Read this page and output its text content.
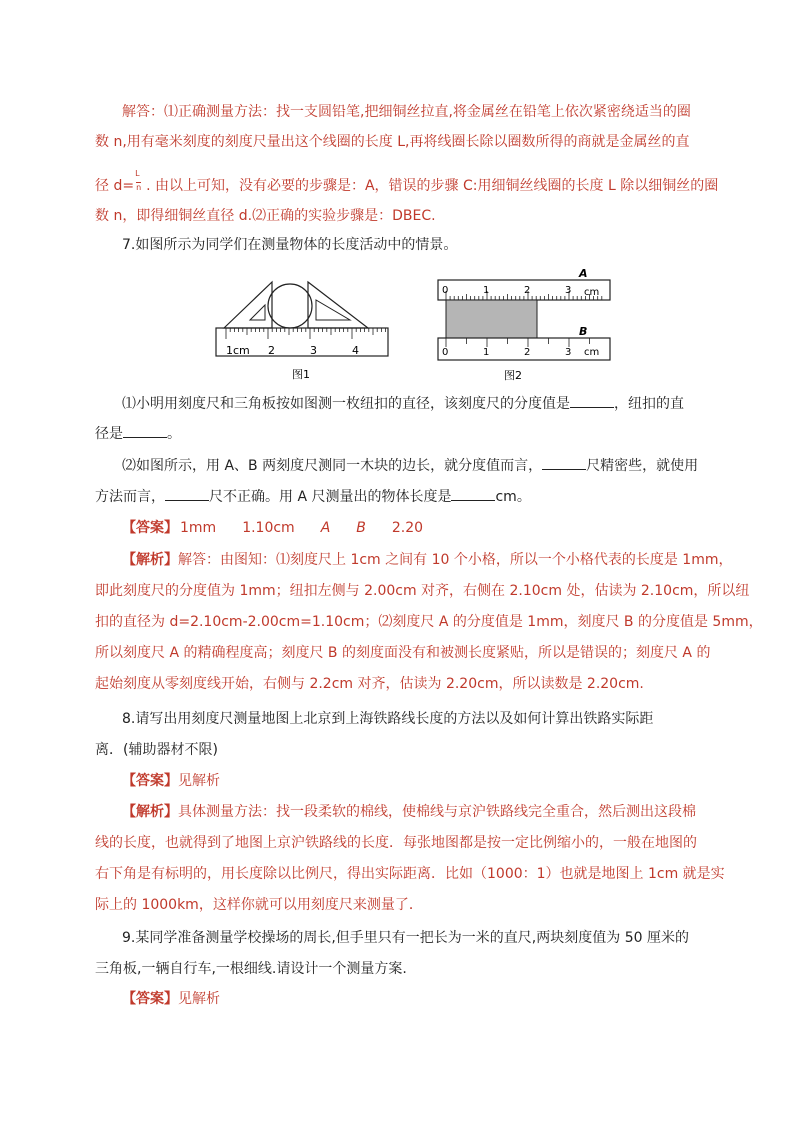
解答：⑴正确测量方法：找一支圆铅笔,把细铜丝拉直,将金属丝在铅笔上依次紧密绕适当的圈
数 n,用有毫米刻度的刻度尺量出这个线圈的长度 L,再将线圈长除以圈数所得的商就是金属丝的直
径 $d= \frac{L}{n}$ . 由以上可知，没有必要的步骤是：A，错误的步骤 C:用细铜丝线圈的长度 L 除以细铜丝的圈
数 n，即得细铜丝直径 d.⑵正确的实验步骤是：DBEC.
7.如图所示为同学们在测量物体的长度活动中的情景。
1cm 2	3	4
图1
A
0	1	2	3 cm
B
0	1	2	3 cm
图2
⑴小明用刻度尺和三角板按如图测一枚纽扣的直径，该刻度尺的分度值是	，纽扣的直
径是	。
⑵如图所示，用 A、B 两刻度尺测同一木块的边长，就分度值而言，	尺精密些，就使用
方法而言，	尺不正确。用 A 尺测量出的物体长度是	cm。
【答案】 1mm 1.10cm A B 2.20
【解析】解答：由图知：⑴刻度尺上 1cm 之间有 10 个小格，所以一个小格代表的长度是 1mm，
即此刻度尺的分度值为 1mm；纽扣左侧与 2.00cm 对齐，右侧在 2.10cm 处，估读为 2.10cm，所以纽
扣的直径为 d=2.10cm-2.00cm=1.10cm；⑵刻度尺 A 的分度值是 1mm，刻度尺 B 的分度值是 5mm，
所以刻度尺 A 的精确程度高；刻度尺 B 的刻度面没有和被测长度紧贴，所以是错误的；刻度尺 A 的
起始刻度从零刻度线开始，右侧与 2.2cm 对齐，估读为 2.20cm，所以读数是 2.20cm.
8.请写出用刻度尺测量地图上北京到上海铁路线长度的方法以及如何计算出铁路实际距
离．(辅助器材不限)
【答案】见解析
【解析】具体测量方法：找一段柔软的棉线，使棉线与京沪铁路线完全重合，然后测出这段棉
线的长度，也就得到了地图上京沪铁路线的长度．每张地图都是按一定比例缩小的，一般在地图的
右下角是有标明的，用长度除以比例尺，得出实际距离．比如（1000：1）也就是地图上 1cm 就是实
际上的 1000km，这样你就可以用刻度尺来测量了．
9.某同学准备测量学校操场的周长,但手里只有一把长为一米的直尺,两块刻度值为 50 厘米的
三角板,一辆自行车,一根细线.请设计一个测量方案.
【答案】见解析
